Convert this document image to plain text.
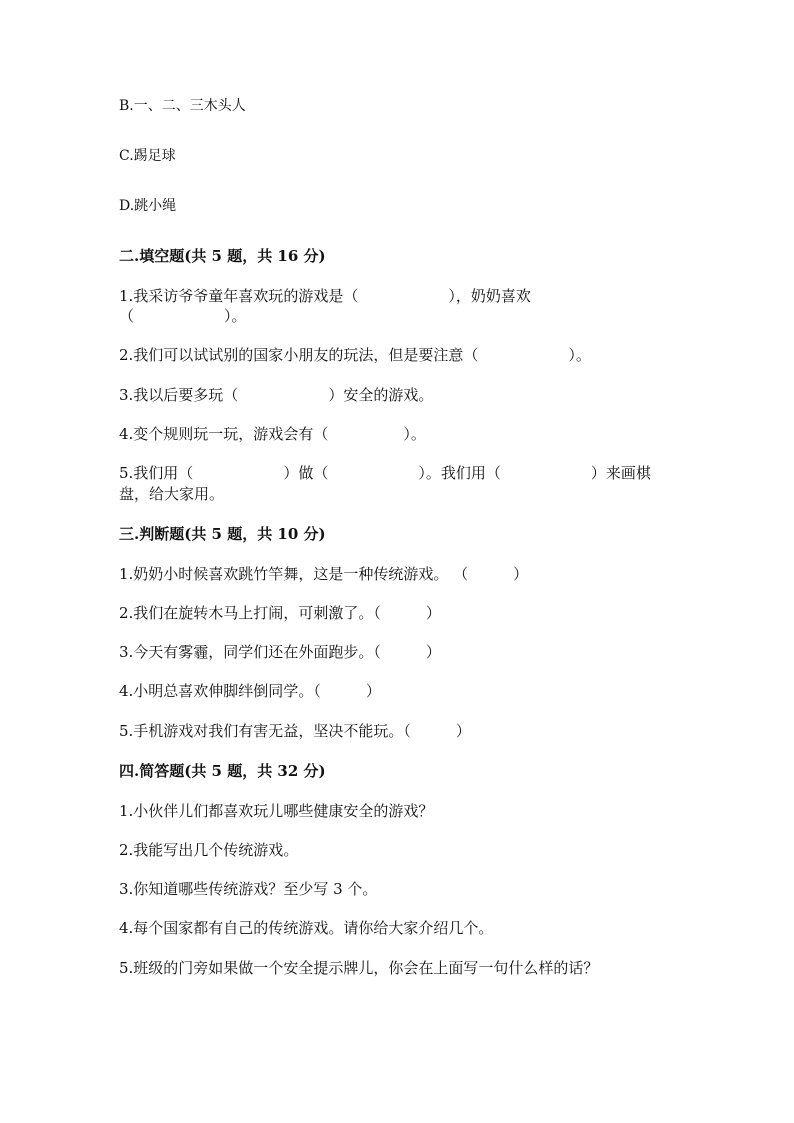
B.一、二、三木头人
C.踢足球
D.跳小绳
二.填空题(共 5 题，共 16 分)
1.我采访爷爷童年喜欢玩的游戏是（　　　　　　），奶奶喜欢
（　　　　　　）。
2.我们可以试试别的国家小朋友的玩法，但是要注意（　　　　　　）。
3.我以后要多玩（　　　　　　）安全的游戏。
4.变个规则玩一玩，游戏会有（　　　　　）。
5.我们用（　　　　　　）做（　　　　　　）。我们用（　　　　　　）来画棋
盘，给大家用。
三.判断题(共 5 题，共 10 分)
1.奶奶小时候喜欢跳竹竿舞，这是一种传统游戏。 （　　　）
2.我们在旋转木马上打闹，可刺激了。（　　　）
3.今天有雾霾，同学们还在外面跑步。（　　　）
4.小明总喜欢伸脚绊倒同学。（　　　）
5.手机游戏对我们有害无益，坚决不能玩。（　　　）
四.简答题(共 5 题，共 32 分)
1.小伙伴儿们都喜欢玩儿哪些健康安全的游戏？
2.我能写出几个传统游戏。
3.你知道哪些传统游戏？至少写 3 个。
4.每个国家都有自己的传统游戏。请你给大家介绍几个。
5.班级的门旁如果做一个安全提示牌儿，你会在上面写一句什么样的话？
